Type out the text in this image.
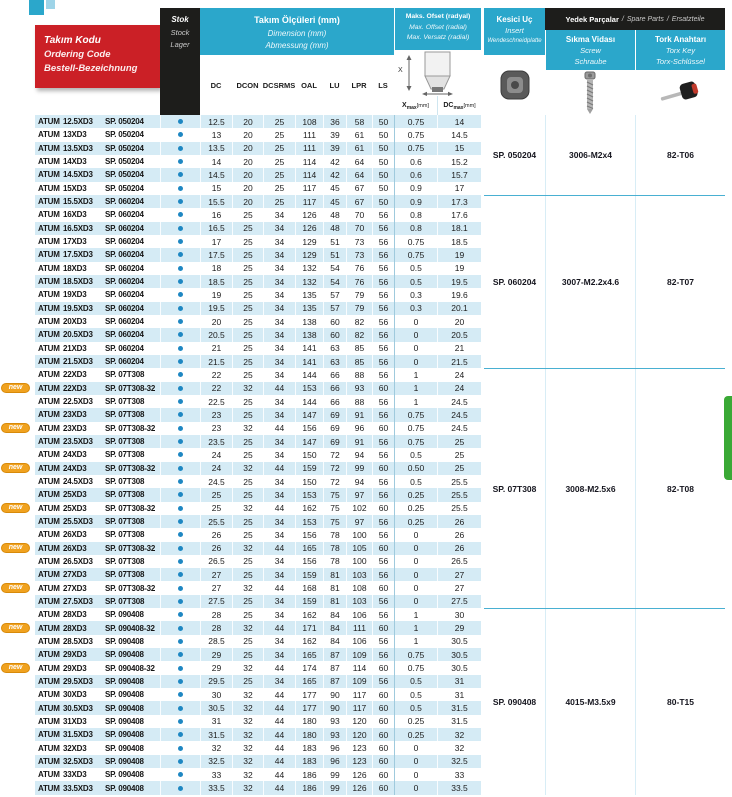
Takım Kodu
Ordering Code
Bestell-Bezeichnung
Stok
Stock
Lager
Takım Ölçüleri (mm)
Dimension (mm)
Abmessung (mm)
DC	DCON DCSRMS OAL	LU	LPR	LS
Maks. Ofset (radyal)
Max. Offset (radial)
Max. Versatz (radial)
X
X max [mm] DC max [mm]
Kesici Uç
Insert
Wendeschneidplatte
Yedek Parçalar / Spare Parts / Ersatzteile
Sıkma Vidası
Screw
Schraube
Tork Anahtarı
Torx Key
Torx-Schlüssel
ATUM 12.5XD3	SP. 050204	12.5	20	25	108	36	58	50	0.75	14
ATUM 13XD3	SP. 050204	13	20	25	111	39	61	50	0.75	14.5
ATUM 13.5XD3	SP. 050204	13.5	20	25	111	39	61	50	0.75	15
ATUM 14XD3	SP. 050204	14	20	25	114	42	64	50	0.6	15.2
ATUM 14.5XD3	SP. 050204	14.5	20	25	114	42	64	50	0.6	15.7
ATUM 15XD3	SP. 050204	15	20	25	117	45	67	50	0.9	17
ATUM 15.5XD3	SP. 060204	15.5	20	25	117	45	67	50	0.9	17.3
ATUM 16XD3	SP. 060204	16	25	34	126	48	70	56	0.8	17.6
ATUM 16.5XD3	SP. 060204	16.5	25	34	126	48	70	56	0.8	18.1
ATUM 17XD3	SP. 060204	17	25	34	129	51	73	56	0.75	18.5
ATUM 17.5XD3	SP. 060204	17.5	25	34	129	51	73	56	0.75	19
ATUM 18XD3	SP. 060204	18	25	34	132	54	76	56	0.5	19
ATUM 18.5XD3	SP. 060204	18.5	25	34	132	54	76	56	0.5	19.5
ATUM 19XD3	SP. 060204	19	25	34	135	57	79	56	0.3	19.6
ATUM 19.5XD3	SP. 060204	19.5	25	34	135	57	79	56	0.3	20.1
ATUM 20XD3	SP. 060204	20	25	34	138	60	82	56	0	20
ATUM 20.5XD3	SP. 060204	20.5	25	34	138	60	82	56	0	20.5
ATUM 21XD3	SP. 060204	21	25	34	141	63	85	56	0	21
ATUM 21.5XD3	SP. 060204	21.5	25	34	141	63	85	56	0	21.5
ATUM 22XD3	SP. 07T308	22	25	34	144	66	88	56	1	24
new	ATUM 22XD3	SP. 07T308-32	22	32	44	153	66	93	60	1	24
ATUM 22.5XD3	SP. 07T308	22.5	25	34	144	66	88	56	1	24.5
ATUM 23XD3	SP. 07T308	23	25	34	147	69	91	56	0.75	24.5
new	ATUM 23XD3	SP. 07T308-32	23	32	44	156	69	96	60	0.75	24.5
ATUM 23.5XD3	SP. 07T308	23.5	25	34	147	69	91	56	0.75	25
ATUM 24XD3	SP. 07T308	24	25	34	150	72	94	56	0.5	25
new	ATUM 24XD3	SP. 07T308-32	24	32	44	159	72	99	60	0.50	25
ATUM 24.5XD3	SP. 07T308	24.5	25	34	150	72	94	56	0.5	25.5
ATUM 25XD3	SP. 07T308	25	25	34	153	75	97	56	0.25	25.5
new	ATUM 25XD3	SP. 07T308-32	25	32	44	162	75	102	60	0.25	25.5
ATUM 25.5XD3	SP. 07T308	25.5	25	34	153	75	97	56	0.25	26
ATUM 26XD3	SP. 07T308	26	25	34	156	78	100	56	0	26
new	ATUM 26XD3	SP. 07T308-32	26	32	44	165	78	105	60	0	26
ATUM 26.5XD3	SP. 07T308	26.5	25	34	156	78	100	56	0	26.5
ATUM 27XD3	SP. 07T308	27	25	34	159	81	103	56	0	27
new	ATUM 27XD3	SP. 07T308-32	27	32	44	168	81	108	60	0	27
ATUM 27.5XD3	SP. 07T308	27.5	25	34	159	81	103	56	0	27.5
ATUM 28XD3	SP. 090408	28	25	34	162	84	106	56	1	30
new	ATUM 28XD3	SP. 090408-32	28	32	44	171	84	111	60	1	29
ATUM 28.5XD3	SP. 090408	28.5	25	34	162	84	106	56	1	30.5
ATUM 29XD3	SP. 090408	29	25	34	165	87	109	56	0.75	30.5
new	ATUM 29XD3	SP. 090408-32	29	32	44	174	87	114	60	0.75	30.5
ATUM 29.5XD3	SP. 090408	29.5	25	34	165	87	109	56	0.5	31
ATUM 30XD3	SP. 090408	30	32	44	177	90	117	60	0.5	31
ATUM 30.5XD3	SP. 090408	30.5	32	44	177	90	117	60	0.5	31.5
ATUM 31XD3	SP. 090408	31	32	44	180	93	120	60	0.25	31.5
ATUM 31.5XD3	SP. 090408	31.5	32	44	180	93	120	60	0.25	32
ATUM 32XD3	SP. 090408	32	32	44	183	96	123	60	0	32
ATUM 32.5XD3	SP. 090408	32.5	32	44	183	96	123	60	0	32.5
ATUM 33XD3	SP. 090408	33	32	44	186	99	126	60	0	33
ATUM 33.5XD3	SP. 090408	33.5	32	44	186	99	126	60	0	33.5
SP. 050204	3006-M2x4	82-T06
SP. 060204	3007-M2.2x4.6	82-T07
SP. 07T308	3008-M2.5x6	82-T08
SP. 090408	4015-M3.5x9	80-T15
